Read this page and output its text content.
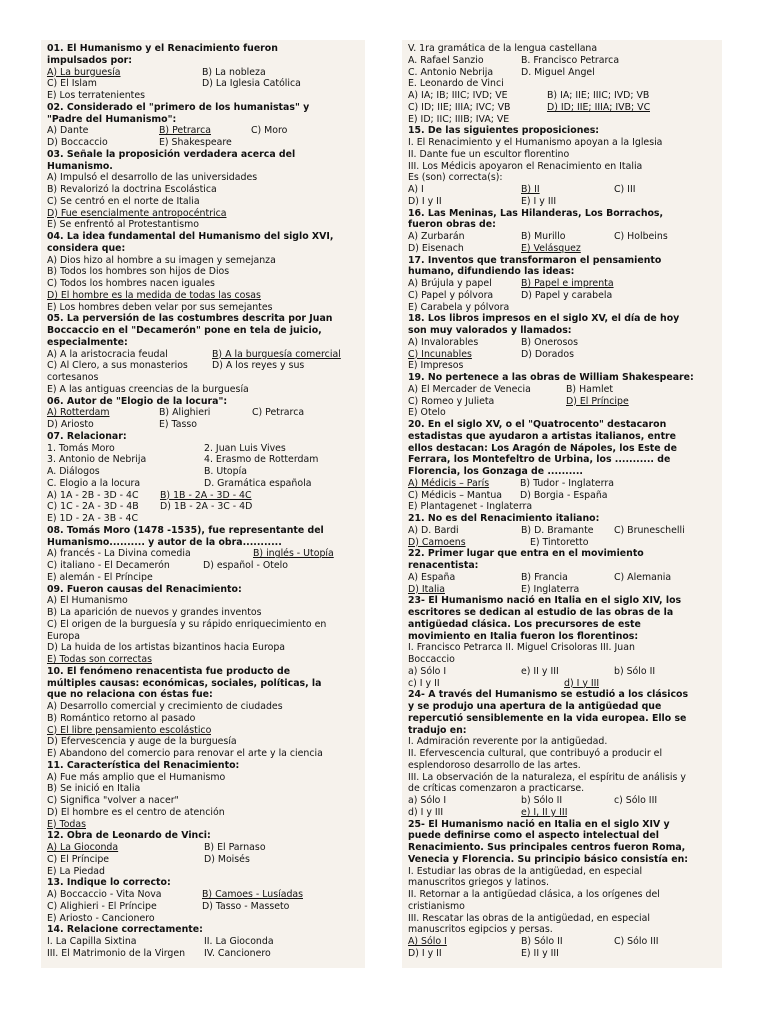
01. El Humanismo y el Renacimiento fueron
impulsados por:
A) La burguesía	B) La nobleza
C) El Islam	D) La Iglesia Católica
E) Los terratenientes
02. Considerado el "primero de los humanistas" y
"Padre del Humanismo":
A) Dante	B) Petrarca	C) Moro
D) Boccaccio	E) Shakespeare
03. Señale la proposición verdadera acerca del
Humanismo.
A) Impulsó el desarrollo de las universidades
B) Revalorizó la doctrina Escolástica
C) Se centró en el norte de Italia
D) Fue esencialmente antropocéntrica
E) Se enfrentó al Protestantismo
04. La idea fundamental del Humanismo del siglo XVI,
considera que:
A) Dios hizo al hombre a su imagen y semejanza
B) Todos los hombres son hijos de Dios
C) Todos los hombres nacen iguales
D) El hombre es la medida de todas las cosas
E) Los hombres deben velar por sus semejantes
05. La perversión de las costumbres descrita por Juan
Boccaccio en el "Decamerón" pone en tela de juicio,
especialmente:
A) A la aristocracia feudal	B) A la burguesía comercial
C) Al Clero, a sus monasterios	D) A los reyes y sus
cortesanos
E) A las antiguas creencias de la burguesía
06. Autor de "Elogio de la locura":
A) Rotterdam	B) Alighieri	C) Petrarca
D) Ariosto	E) Tasso
07. Relacionar:
1. Tomás Moro	2. Juan Luis Vives
3. Antonio de Nebrija	4. Erasmo de Rotterdam
A. Diálogos	B. Utopía
C. Elogio a la locura	D. Gramática española
A) 1A - 2B - 3D - 4C	B) 1B - 2A - 3D - 4C
C) 1C - 2A - 3D - 4B	D) 1B - 2A - 3C - 4D
E) 1D - 2A - 3B - 4C
08. Tomás Moro (1478 -1535), fue representante del
Humanismo.......... y autor de la obra...........
A) francés - La Divina comedia	B) inglés - Utopía
C) italiano - El Decamerón	D) español - Otelo
E) alemán - El Príncipe
09. Fueron causas del Renacimiento:
A) El Humanismo
B) La aparición de nuevos y grandes inventos
C) El origen de la burguesía y su rápido enriquecimiento en
Europa
D) La huida de los artistas bizantinos hacia Europa
E) Todas son correctas
10. El fenómeno renacentista fue producto de
múltiples causas: económicas, sociales, políticas, la
que no relaciona con éstas fue:
A) Desarrollo comercial y crecimiento de ciudades
B) Romántico retorno al pasado
C) El libre pensamiento escolástico
D) Efervescencia y auge de la burguesía
E) Abandono del comercio para renovar el arte y la ciencia
11. Característica del Renacimiento:
A) Fue más amplio que el Humanismo
B) Se inició en Italia
C) Significa "volver a nacer"
D) El hombre es el centro de atención
E) Todas
12. Obra de Leonardo de Vinci:
A) La Gioconda	B) El Parnaso
C) El Príncipe	D) Moisés
E) La Piedad
13. Indique lo correcto:
A) Boccaccio - Vita Nova	B) Camoes - Lusíadas
C) Alighieri - El Príncipe	D) Tasso - Masseto
E) Ariosto - Cancionero
14. Relacione correctamente:
I. La Capilla Sixtina	II. La Gioconda
III. El Matrimonio de la Virgen	IV. Cancionero
V. 1ra gramática de la lengua castellana
A. Rafael Sanzio	B. Francisco Petrarca
C. Antonio Nebrija	D. Miguel Ángel
E. Leonardo de Vinci
A) IA; IB; IIIC; IVD; VE	B) IA; IIE; IIIC; IVD; VB
C) ID; IIE; IIIA; IVC; VB	D) ID; IIE; IIIA; IVB; VC
E) ID; IIC; IIIB; IVA; VE
15. De las siguientes proposiciones:
I. El Renacimiento y el Humanismo apoyan a la Iglesia
II. Dante fue un escultor florentino
III. Los Médicis apoyaron el Renacimiento en Italia
Es (son) correcta(s):
A) I	B) II	C) III
D) I y II	E) I y III
16. Las Meninas, Las Hilanderas, Los Borrachos,
fueron obras de:
A) Zurbarán	B) Murillo	C) Holbeins
D) Eisenach	E) Velásquez
17. Inventos que transformaron el pensamiento
humano, difundiendo las ideas:
A) Brújula y papel	B) Papel e imprenta
C) Papel y pólvora	D) Papel y carabela
E) Carabela y pólvora
18. Los libros impresos en el siglo XV, el día de hoy
son muy valorados y llamados:
A) Invalorables	B) Onerosos
C) Incunables	D) Dorados
E) Impresos
19. No pertenece a las obras de William Shakespeare:
A) El Mercader de Venecia	B) Hamlet
C) Romeo y Julieta	D) El Príncipe
E) Otelo
20. En el siglo XV, o el "Quatrocento" destacaron
estadistas que ayudaron a artistas italianos, entre
ellos destacan: Los Aragón de Nápoles, los Este de
Ferrara, los Montefeltro de Urbina, los ........... de
Florencia, los Gonzaga de ..........
A) Médicis – París	B) Tudor - Inglaterra
C) Médicis – Mantua	D) Borgia - España
E) Plantagenet - Inglaterra
21. No es del Renacimiento italiano:
A) D. Bardi	B) D. Bramante	C) Bruneschelli
D) Camoens	E) Tintoretto
22. Primer lugar que entra en el movimiento
renacentista:
A) España	B) Francia	C) Alemania
D) Italia	E) Inglaterra
23- El Humanismo nació en Italia en el siglo XIV, los
escritores se dedican al estudio de las obras de la
antigüedad clásica. Los precursores de este
movimiento en Italia fueron los florentinos:
I. Francisco Petrarca II. Miguel Crisoloras III. Juan
Boccaccio
a) Sólo I	e) II y III	b) Sólo II
c) I y II	d) I y III
24- A través del Humanismo se estudió a los clásicos
y se produjo una apertura de la antigüedad que
repercutió sensiblemente en la vida europea. Ello se
tradujo en:
I. Admiración reverente por la antigüedad.
II. Efervescencia cultural, que contribuyó a producir el
esplendoroso desarrollo de las artes.
III. La observación de la naturaleza, el espíritu de análisis y
de críticas comenzaron a practicarse.
a) Sólo I	b) Sólo II	c) Sólo III
d) I y III	e) I, II y III
25- El Humanismo nació en Italia en el siglo XIV y
puede definirse como el aspecto intelectual del
Renacimiento. Sus principales centros fueron Roma,
Venecia y Florencia. Su principio básico consistía en:
I. Estudiar las obras de la antigüedad, en especial
manuscritos griegos y latinos.
II. Retornar a la antigüedad clásica, a los orígenes del
cristianismo
III. Rescatar las obras de la antigüedad, en especial
manuscritos egipcios y persas.
A) Sólo I	B) Sólo II	C) Sólo III
D) I y II	E) II y III
